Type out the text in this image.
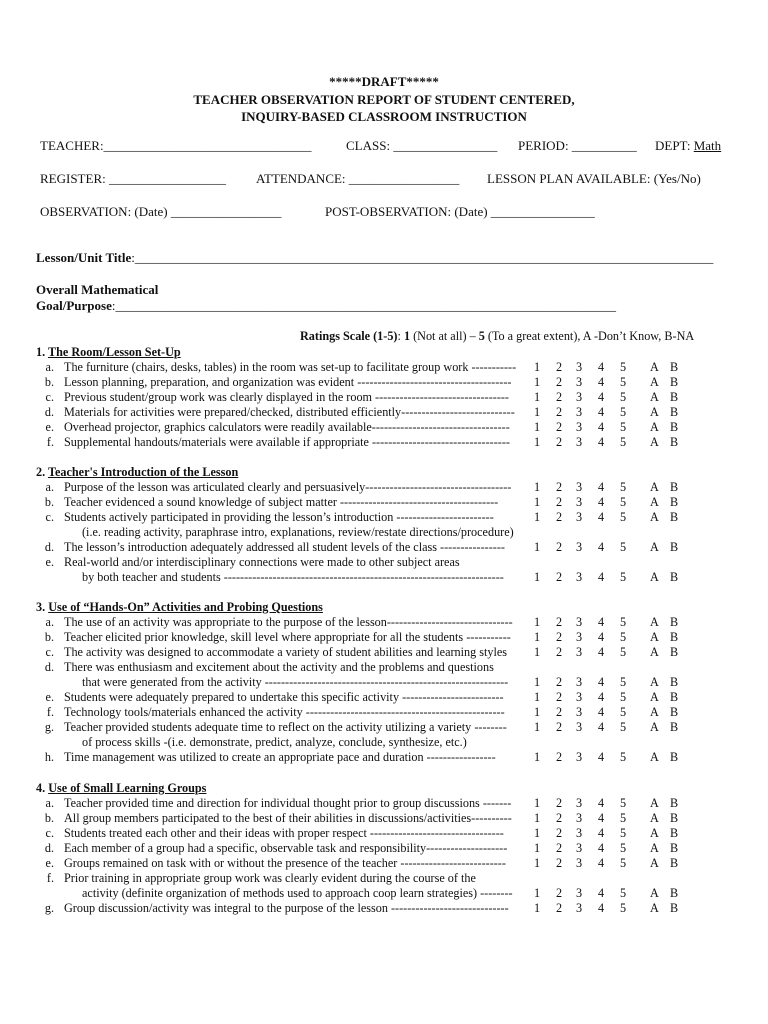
*****DRAFT*****
TEACHER OBSERVATION REPORT OF STUDENT CENTERED,
INQUIRY-BASED CLASSROOM INSTRUCTION
TEACHER:________________________________	CLASS: ________________ PERIOD: __________ DEPT: Math
REGISTER: __________________ ATTENDANCE: _________________ LESSON PLAN AVAILABLE: (Yes/No)
OBSERVATION: (Date) _________________	POST-OBSERVATION: (Date) ________________
Lesson/Unit Title:_________________________________________________________________________________________
Overall Mathematical
Goal/Purpose:_____________________________________________________________________________
Ratings Scale (1-5): 1 (Not at all) – 5 (To a great extent), A -Don’t Know, B-NA
1. The Room/Lesson Set-Up
a. The furniture (chairs, desks, tables) in the room was set-up to facilitate group work ----------- 1 2 3 4 5 A B
b. Lesson planning, preparation, and organization was evident -------------------------------------- 1 2 3 4 5 A B
c. Previous student/group work was clearly displayed in the room --------------------------------- 1 2 3 4 5 A B
d. Materials for activities were prepared/checked, distributed efficiently---------------------------- 1 2 3 4 5 A B
e. Overhead projector, graphics calculators were readily available---------------------------------- 1 2 3 4 5 A B
f. Supplemental handouts/materials were available if appropriate ---------------------------------- 1 2 3 4 5 A B
2. Teacher's Introduction of the Lesson
a. Purpose of the lesson was articulated clearly and persuasively------------------------------------ 1 2 3 4 5 A B
b. Teacher evidenced a sound knowledge of subject matter ---------------------------------------	1 2 3 4 5 A B
c. Students actively participated in providing the lesson’s introduction ------------------------	1 2 3 4 5 A B
(i.e. reading activity, paraphrase intro, explanations, review/restate directions/procedure)
d. The lesson’s introduction adequately addressed all student levels of the class ---------------- 1 2 3 4 5 A B
e. Real-world and/or interdisciplinary connections were made to other subject areas
by both teacher and students --------------------------------------------------------------------- 1 2 3 4 5 A B
3. Use of “Hands-On” Activities and Probing Questions
a. The use of an activity was appropriate to the purpose of the lesson------------------------------- 1 2 3 4 5 A B
b. Teacher elicited prior knowledge, skill level where appropriate for all the students ----------- 1 2 3 4 5 A B
c. The activity was designed to accommodate a variety of student abilities and learning styles 1 2 3 4 5 A B
d. There was enthusiasm and excitement about the activity and the problems and questions
that were generated from the activity ------------------------------------------------------------ 1 2 3 4 5 A B
e. Students were adequately prepared to undertake this specific activity ------------------------- 1 2 3 4 5 A B
f. Technology tools/materials enhanced the activity ------------------------------------------------- 1 2 3 4 5 A B
g. Teacher provided students adequate time to reflect on the activity utilizing a variety -------- 1 2 3 4 5 A B
of process skills -(i.e. demonstrate, predict, analyze, conclude, synthesize, etc.)
h. Time management was utilized to create an appropriate pace and duration -----------------	1 2 3 4 5 A B
4. Use of Small Learning Groups
a. Teacher provided time and direction for individual thought prior to group discussions ------- 1 2 3 4 5 A B
b. All group members participated to the best of their abilities in discussions/activities---------- 1 2 3 4 5 A B
c. Students treated each other and their ideas with proper respect --------------------------------- 1 2 3 4 5 A B
d. Each member of a group had a specific, observable task and responsibility-------------------- 1 2 3 4 5 A B
e. Groups remained on task with or without the presence of the teacher -------------------------- 1 2 3 4 5 A B
f. Prior training in appropriate group work was clearly evident during the course of the
activity (definite organization of methods used to approach coop learn strategies) -------- 1 2 3 4 5 A B
g. Group discussion/activity was integral to the purpose of the lesson ----------------------------- 1 2 3 4 5 A B
